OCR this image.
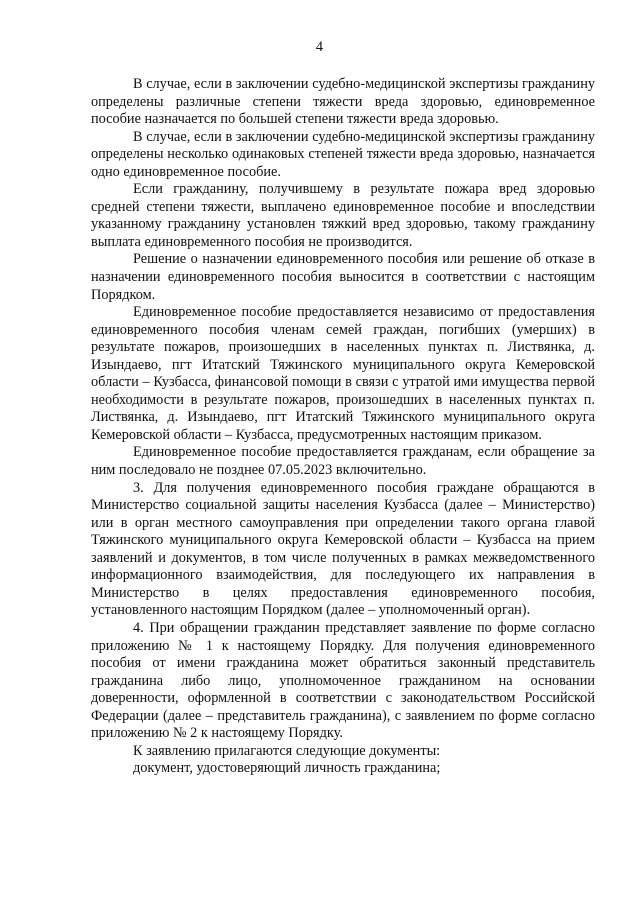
4

В случае, если в заключении судебно-медицинской экспертизы гражданину определены различные степени тяжести вреда здоровью, единовременное пособие назначается по большей степени тяжести вреда здоровью.

В случае, если в заключении судебно-медицинской экспертизы гражданину определены несколько одинаковых степеней тяжести вреда здоровью, назначается одно единовременное пособие.

Если гражданину, получившему в результате пожара вред здоровью средней степени тяжести, выплачено единовременное пособие и впоследствии указанному гражданину установлен тяжкий вред здоровью, такому гражданину выплата единовременного пособия не производится.

Решение о назначении единовременного пособия или решение об отказе в назначении единовременного пособия выносится в соответствии с настоящим Порядком.

Единовременное пособие предоставляется независимо от предоставления единовременного пособия членам семей граждан, погибших (умерших) в результате пожаров, произошедших в населенных пунктах п. Листвянка, д. Изындаево, пгт Итатский Тяжинского муниципального округа Кемеровской области – Кузбасса, финансовой помощи в связи с утратой ими имущества первой необходимости в результате пожаров, произошедших в населенных пунктах п. Листвянка, д. Изындаево, пгт Итатский Тяжинского муниципального округа Кемеровской области – Кузбасса, предусмотренных настоящим приказом.

Единовременное пособие предоставляется гражданам, если обращение за ним последовало не позднее 07.05.2023 включительно.

3. Для получения единовременного пособия граждане обращаются в Министерство социальной защиты населения Кузбасса (далее – Министерство) или в орган местного самоуправления при определении такого органа главой Тяжинского муниципального округа Кемеровской области – Кузбасса на прием заявлений и документов, в том числе полученных в рамках межведомственного информационного взаимодействия, для последующего их направления в Министерство в целях предоставления единовременного пособия, установленного настоящим Порядком (далее – уполномоченный орган).

4. При обращении гражданин представляет заявление по форме согласно приложению № 1 к настоящему Порядку. Для получения единовременного пособия от имени гражданина может обратиться законный представитель гражданина либо лицо, уполномоченное гражданином на основании доверенности, оформленной в соответствии с законодательством Российской Федерации (далее – представитель гражданина), с заявлением по форме согласно приложению № 2 к настоящему Порядку.

К заявлению прилагаются следующие документы:

документ, удостоверяющий личность гражданина;
